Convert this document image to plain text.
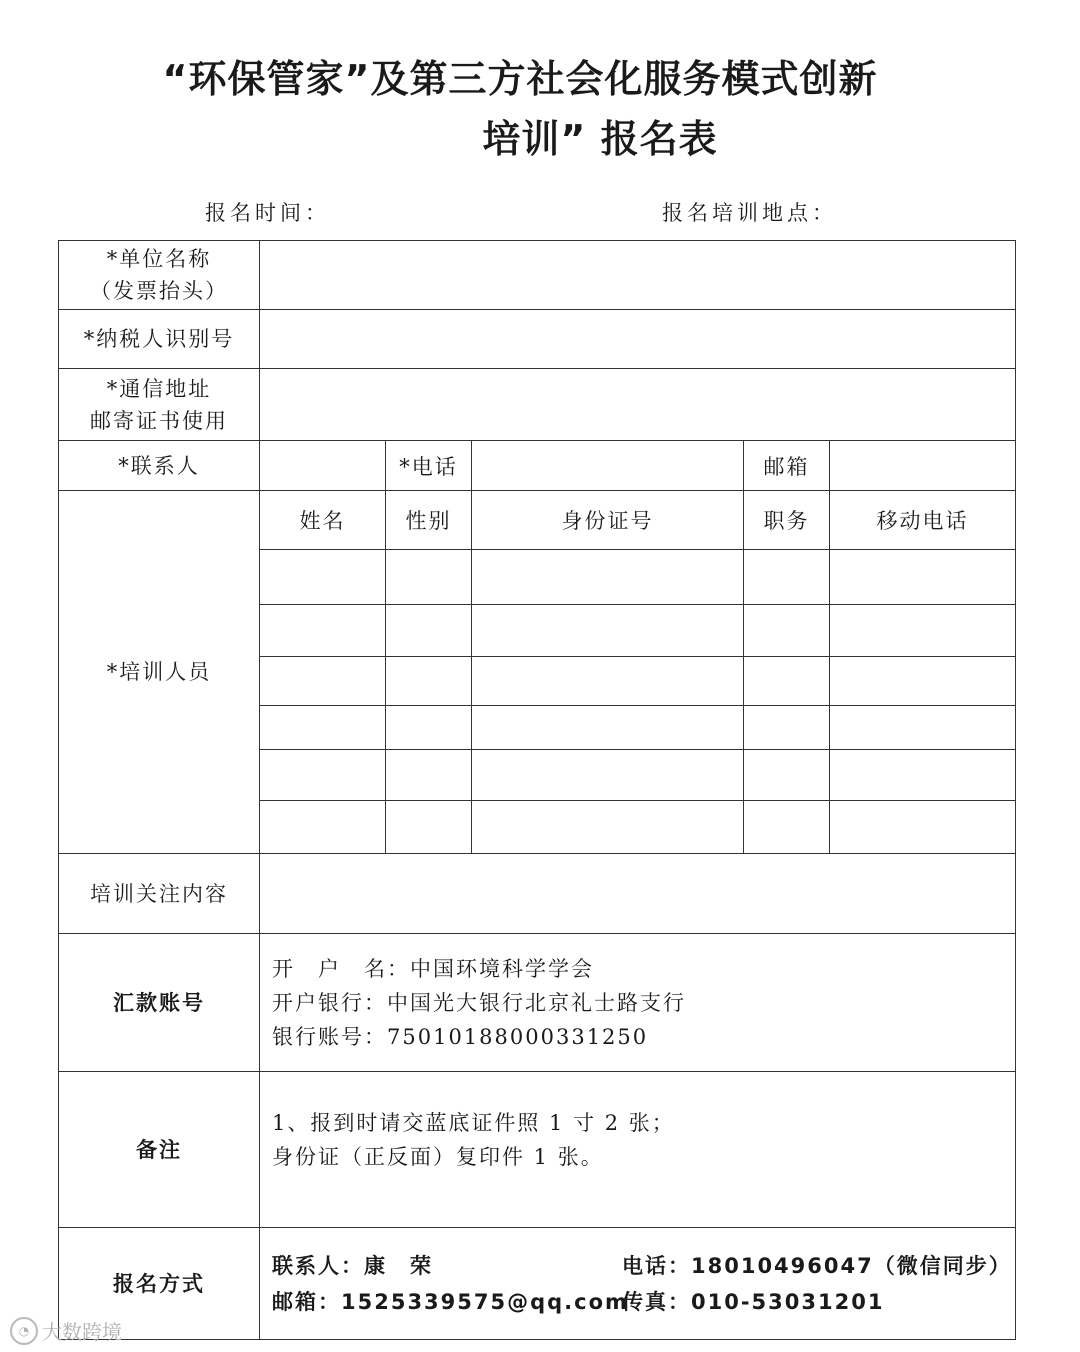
“环保管家”及第三方社会化服务模式创新
培训” 报名表
报名时间：	报名培训地点：
*单位名称
（发票抬头）					

*纳税人识别号					

*通信地址
邮寄证书使用					

*联系人		*电话		邮箱	
*培训人员	姓名	性别	身份证号	职务	移动电话

培训关注内容					
汇款账号	开　户　名：中国环境科学学会
开户银行：中国光大银行北京礼士路支行
银行账号：75010188000331250				

备注	1、报到时请交蓝底证件照 1 寸 2 张；
身份证（正反面）复印件 1 张。				

报名方式	联系人：康　荣 电话：18010496047（微信同步）
邮箱：1525339575@qq.com
传真：010-53031201				
◔ 大数跨境
